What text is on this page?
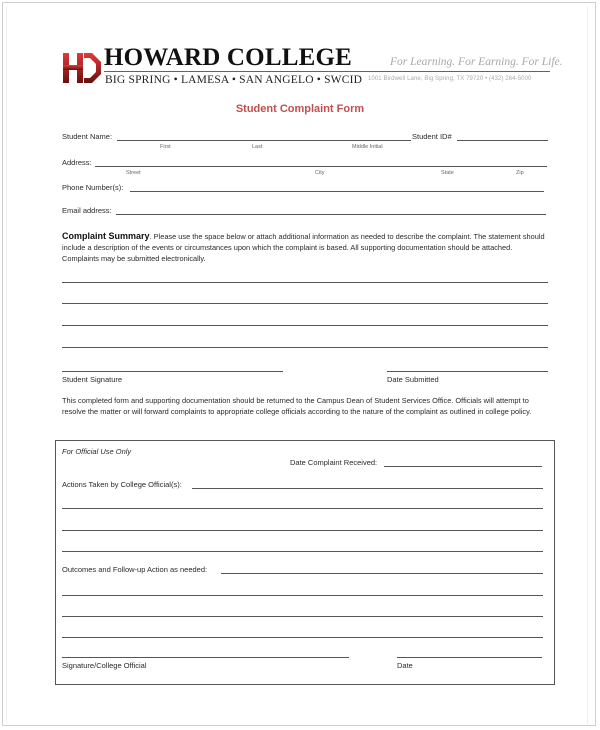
HOWARD COLLEGE
BIG SPRING • LAMESA • SAN ANGELO • SWCID
For Learning. For Earning. For Life.
1001 Birdwell Lane, Big Spring, TX 79720 • (432) 264-5000
Student Complaint Form
Student Name:	Student ID#
First	Last	Middle Initial
Address:
Street	City	State	Zip
Phone Number(s):
Email address:
Complaint Summary. Please use the space below or attach additional information as needed to describe the complaint. The statement should include a description of the events or circumstances upon which the complaint is based. All supporting documentation should be attached. Complaints may be submitted electronically.
Student Signature	Date Submitted
This completed form and supporting documentation should be returned to the Campus Dean of Student Services Office. Officials will attempt to resolve the matter or will forward complaints to appropriate college officials according to the nature of the complaint as outlined in college policy.
For Official Use Only
Date Complaint Received:
Actions Taken by College Official(s):
Outcomes and Follow-up Action as needed:
Signature/College Official	Date
